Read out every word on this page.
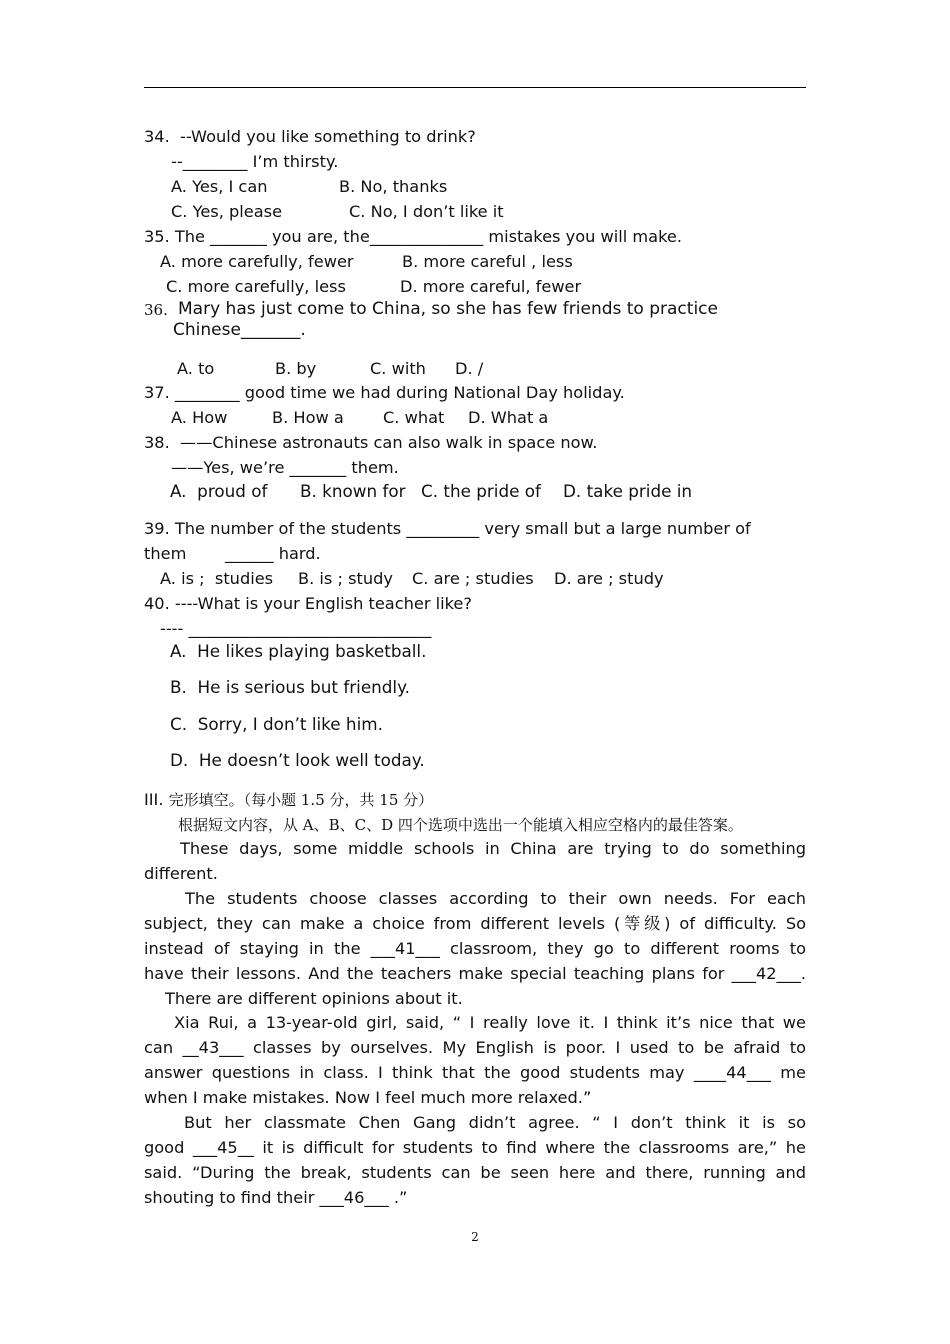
34.  --Would you like something to drink?
--________ I’m thirsty.
A. Yes, I can	B. No, thanks
C. Yes, please	C. No, I don’t like it
35. The _______ you are, the______________ mistakes you will make.
A. more carefully, fewer	B. more careful , less
C. more carefully, less	D. more careful, fewer
36. Mary has just come to China, so she has few friends to practice
Chinese_______.
A. to	B. by	C. with D. /
37. ________ good time we had during National Day holiday.
A. How	B. How a C. what D. What a
38.  ——Chinese astronauts can also walk in space now.
——Yes, we’re _______ them.
A.  proud of B. known for C. the pride of D. take pride in
39. The number of the students _________ very small but a large number of
them ______ hard.
A. is ;  studies B. is ; study C. are ; studies D. are ; study
40. ----What is your English teacher like?
---- ______________________________
A.  He likes playing basketball.
B.  He is serious but friendly.
C.  Sorry, I don’t like him.
D.  He doesn’t look well today.
III. 完形填空。（每小题 1.5 分，共 15 分）
根据短文内容，从 A、B、C、D 四个选项中选出一个能填入相应空格内的最佳答案。
These days, some middle schools in China are trying to do something
different.
The students choose classes according to their own needs. For each
subject, they can make a choice from different levels (等级) of difficulty. So
instead of staying in the ___41___ classroom, they go to different rooms to
have their lessons. And the teachers make special teaching plans for ___42___.
There are different opinions about it.
Xia Rui, a 13-year-old girl, said, “ I really love it. I think it’s nice that we
can __43___ classes by ourselves. My English is poor. I used to be afraid to
answer questions in class. I think that the good students may ____44___ me
when I make mistakes. Now I feel much more relaxed.”
But her classmate Chen Gang didn’t agree. “ I don’t think it is so
good ___45__ it is difficult for students to find where the classrooms are,” he
said. “During the break, students can be seen here and there, running and
shouting to find their ___46___ .”
2
